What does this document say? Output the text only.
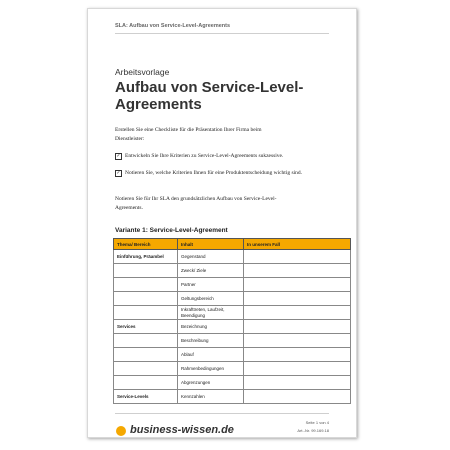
SLA: Aufbau von Service-Level-Agreements
Arbeitsvorlage
Aufbau von Service-Level-Agreements
Erstellen Sie eine Checkliste für die Präsentation Ihrer Firma beim Dienstleister:
✓ Entwickeln Sie Ihre Kriterien zu Service-Level-Agreements sukzessive.
✓ Notieren Sie, welche Kriterien Ihnen für eine Produktentscheidung wichtig sind.
Notieren Sie für Ihr SLA den grundsätzlichen Aufbau von Service-Level-Agreements.
Variante 1: Service-Level-Agreement
Thema/ Bereich	Inhalt	In unserem Fall
Einführung, Präambel	Gegenstand	
	Zweck/ Ziele	
	Partner	
	Geltungsbereich	
	Inkrafttreten, Laufzeit, Beendigung	
Services	Bezeichnung	
	Beschreibung	
	Ablauf	
	Rahmenbedingungen	
	Abgrenzungen	
Service-Levels	Kennzahlen	
business-wissen.de
Seite 1 von 4
Art.-Nr. 99.169.18
